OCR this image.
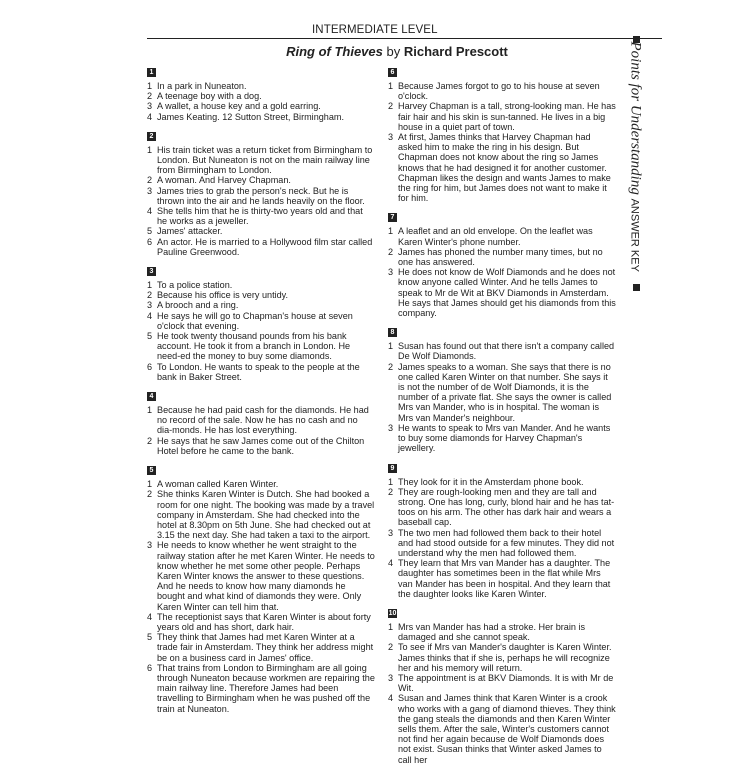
INTERMEDIATE LEVEL
Ring of Thieves by Richard Prescott
1
1 In a park in Nuneaton.
2 A teenage boy with a dog.
3 A wallet, a house key and a gold earring.
4 James Keating. 12 Sutton Street, Birmingham.
2
1 His train ticket was a return ticket from Birmingham to London. But Nuneaton is not on the main railway line from Birmingham to London.
2 A woman. And Harvey Chapman.
3 James tries to grab the person's neck. But he is thrown into the air and he lands heavily on the floor.
4 She tells him that he is thirty-two years old and that he works as a jeweller.
5 James' attacker.
6 An actor. He is married to a Hollywood film star called Pauline Greenwood.
3
1 To a police station.
2 Because his office is very untidy.
3 A brooch and a ring.
4 He says he will go to Chapman's house at seven o'clock that evening.
5 He took twenty thousand pounds from his bank account. He took it from a branch in London. He need-ed the money to buy some diamonds.
6 To London. He wants to speak to the people at the bank in Baker Street.
4
1 Because he had paid cash for the diamonds. He had no record of the sale. Now he has no cash and no dia-monds. He has lost everything.
2 He says that he saw James come out of the Chilton Hotel before he came to the bank.
5
1 A woman called Karen Winter.
2 She thinks Karen Winter is Dutch. She had booked a room for one night. The booking was made by a travel company in Amsterdam. She had checked into the hotel at 8.30pm on 5th June. She had checked out at 3.15 the next day. She had taken a taxi to the airport.
3 He needs to know whether he went straight to the railway station after he met Karen Winter. He needs to know whether he met some other people. Perhaps Karen Winter knows the answer to these questions. And he needs to know how many diamonds he bought and what kind of diamonds they were. Only Karen Winter can tell him that.
4 The receptionist says that Karen Winter is about forty years old and has short, dark hair.
5 They think that James had met Karen Winter at a trade fair in Amsterdam. They think her address might be on a business card in James' office.
6 That trains from London to Birmingham are all going through Nuneaton because workmen are repairing the main railway line. Therefore James had been travelling to Birmingham when he was pushed off the train at Nuneaton.
6
1 Because James forgot to go to his house at seven o'clock.
2 Harvey Chapman is a tall, strong-looking man. He has fair hair and his skin is sun-tanned. He lives in a big house in a quiet part of town.
3 At first, James thinks that Harvey Chapman had asked him to make the ring in his design. But Chapman does not know about the ring so James knows that he had designed it for another customer. Chapman likes the design and wants James to make the ring for him, but James does not want to make it for him.
7
1 A leaflet and an old envelope. On the leaflet was Karen Winter's phone number.
2 James has phoned the number many times, but no one has answered.
3 He does not know de Wolf Diamonds and he does not know anyone called Winter. And he tells James to speak to Mr de Wit at BKV Diamonds in Amsterdam. He says that James should get his diamonds from this company.
8
1 Susan has found out that there isn't a company called De Wolf Diamonds.
2 James speaks to a woman. She says that there is no one called Karen Winter on that number. She says it is not the number of de Wolf Diamonds, it is the number of a private flat. She says the owner is called Mrs van Mander, who is in hospital. The woman is Mrs van Mander's neighbour.
3 He wants to speak to Mrs van Mander. And he wants to buy some diamonds for Harvey Chapman's jewellery.
9
1 They look for it in the Amsterdam phone book.
2 They are rough-looking men and they are tall and strong. One has long, curly, blond hair and he has tat-toos on his arm. The other has dark hair and wears a baseball cap.
3 The two men had followed them back to their hotel and had stood outside for a few minutes. They did not understand why the men had followed them.
4 They learn that Mrs van Mander has a daughter. The daughter has sometimes been in the flat while Mrs van Mander has been in hospital. And they learn that the daughter looks like Karen Winter.
10
1 Mrs van Mander has had a stroke. Her brain is damaged and she cannot speak.
2 To see if Mrs van Mander's daughter is Karen Winter. James thinks that if she is, perhaps he will recognize her and his memory will return.
3 The appointment is at BKV Diamonds. It is with Mr de Wit.
4 Susan and James think that Karen Winter is a crook who works with a gang of diamond thieves. They think the gang steals the diamonds and then Karen Winter sells them. After the sale, Winter's customers cannot not find her again because de Wolf Diamonds does not exist. Susan thinks that Winter asked James to call her
Points for Understanding ANSWER KEY
